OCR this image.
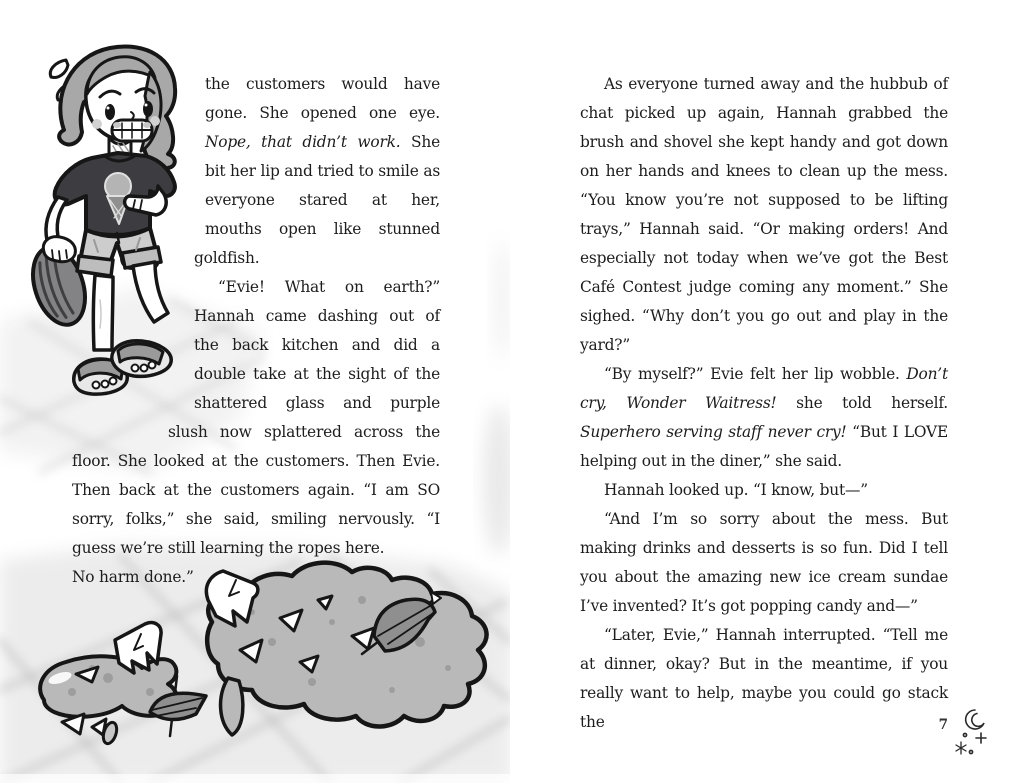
the customers would have gone. She opened one eye. Nope, that didn’t work. She bit her lip and tried to smile as everyone stared at her, mouths open like stunned goldfish.

“Evie! What on earth?” Hannah came dashing out of the back kitchen and did a double take at the sight of the shattered glass and purple slush now splattered across the floor. She looked at the customers. Then Evie. Then back at the customers again. “I am SO sorry, folks,” she said, smiling nervously. “I guess we’re still learning the ropes here.

No harm done.”

As everyone turned away and the hubbub of chat picked up again, Hannah grabbed the brush and shovel she kept handy and got down on her hands and knees to clean up the mess. “You know you’re not supposed to be lifting trays,” Hannah said. “Or making orders! And especially not today when we’ve got the Best Café Contest judge coming any moment.” She sighed. “Why don’t you go out and play in the yard?”

“By myself?” Evie felt her lip wobble. Don’t cry, Wonder Waitress! she told herself. Superhero serving staff never cry! “But I LOVE helping out in the diner,” she said.

Hannah looked up. “I know, but—”

“And I’m so sorry about the mess. But making drinks and desserts is so fun. Did I tell you about the amazing new ice cream sundae I’ve invented? It’s got popping candy and—”

“Later, Evie,” Hannah interrupted. “Tell me at dinner, okay? But in the meantime, if you really want to help, maybe you could go stack the	7
